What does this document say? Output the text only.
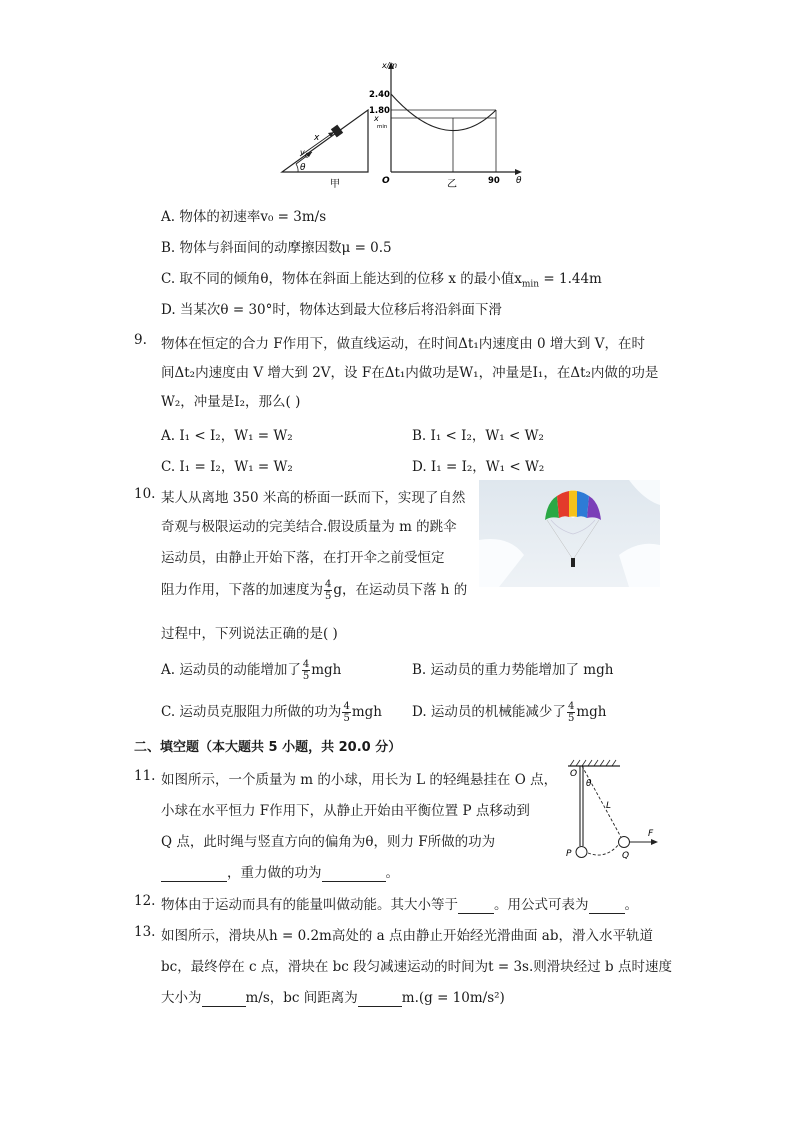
x
v 0
θ
甲
x/m
2.40
1.80
x
min
O	乙	90 θ
A. 物体的初速率v₀ = 3m/s
B. 物体与斜面间的动摩擦因数μ = 0.5
C. 取不同的倾角θ，物体在斜面上能达到的位移 x 的最小值$x_{min} = 1.44m$
D. 当某次θ = 30°时，物体达到最大位移后将沿斜面下滑
9. 物体在恒定的合力 F作用下，做直线运动，在时间Δt₁内速度由 0 增大到 V，在时
间Δt₂内速度由 V 增大到 2V，设 F在Δt₁内做功是W₁，冲量是I₁，在Δt₂内做的功是
W₂，冲量是I₂，那么( )
A. I₁ < I₂，W₁ = W₂	B. I₁ < I₂，W₁ < W₂
C. I₁ = I₂，W₁ = W₂	D. I₁ = I₂，W₁ < W₂
10. 某人从离地 350 米高的桥面一跃而下，实现了自然
奇观与极限运动的完美结合.假设质量为 m 的跳伞
运动员，由静止开始下落，在打开伞之前受恒定
阻力作用，下落的加速度为 $\frac{4}{5}$ g，在运动员下落 h 的
过程中，下列说法正确的是( )
A. 运动员的动能增加了 $\frac{4}{5}$ mgh	B. 运动员的重力势能增加了 mgh
C. 运动员克服阻力所做的功为 $\frac{4}{5}$ mgh D. 运动员的机械能减少了 $\frac{4}{5}$ mgh
二、填空题（本大题共 5 小题，共 20.0 分）
11. 如图所示，一个质量为 m 的小球，用长为 L 的轻绳悬挂在 O 点，
小球在水平恒力 F作用下，从静止开始由平衡位置 P 点移动到
Q 点，此时绳与竖直方向的偏角为θ，则力 F所做的功为
，重力做的功为	。
O
θ
L
F
P	Q
12. 物体由于运动而具有的能量叫做动能。其大小等于	。用公式可表为	。
13. 如图所示，滑块从h = 0.2m高处的 a 点由静止开始经光滑曲面 ab，滑入水平轨道
bc，最终停在 c 点，滑块在 bc 段匀减速运动的时间为t = 3s.则滑块经过 b 点时速度
大小为	m/s，bc 间距离为	m.(g = 10m/s²)
